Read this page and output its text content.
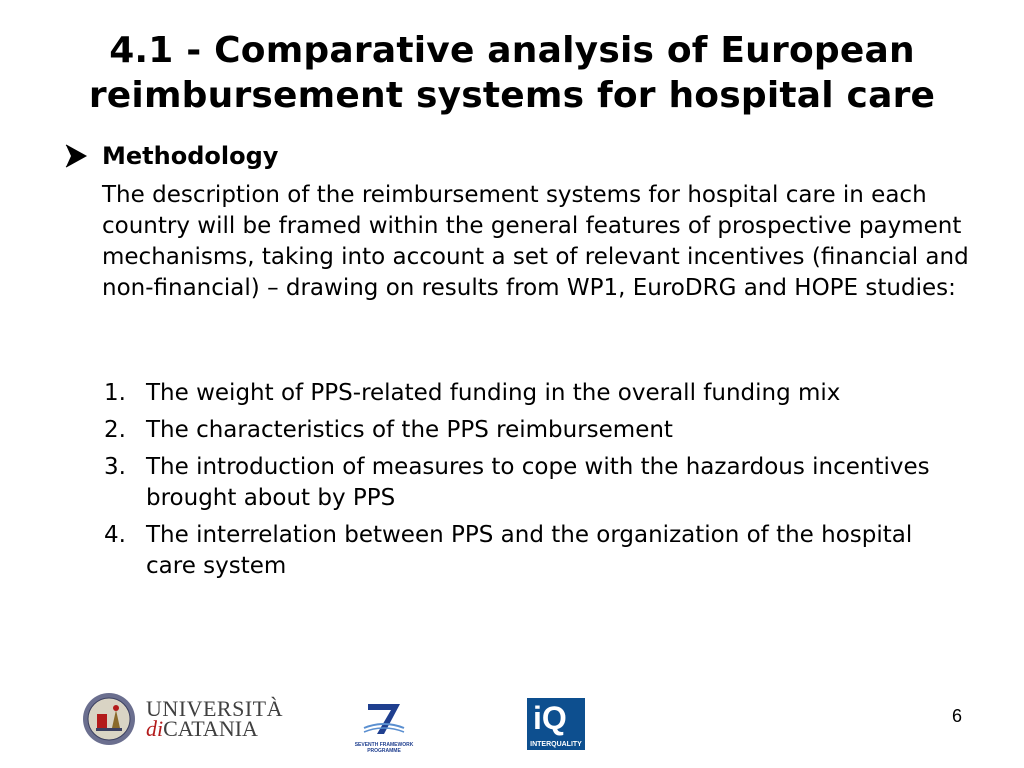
4.1 - Comparative analysis of European
reimbursement systems for hospital care
Methodology
The description of the reimbursement systems for hospital care in each country will be framed within the general features of prospective payment mechanisms, taking into account a set of relevant incentives (financial and non-financial) – drawing on results from WP1, EuroDRG and HOPE studies:
1. The weight of PPS-related funding in the overall funding mix
2. The characteristics of the PPS reimbursement
3. The introduction of measures to cope with the hazardous incentives brought about by PPS
4. The interrelation between PPS and the organization of the hospital care system
UNIVERSITÀ
diCATANIA
SEVENTH FRAMEWORK
PROGRAMME
iQ
INTERQUALITY
6
